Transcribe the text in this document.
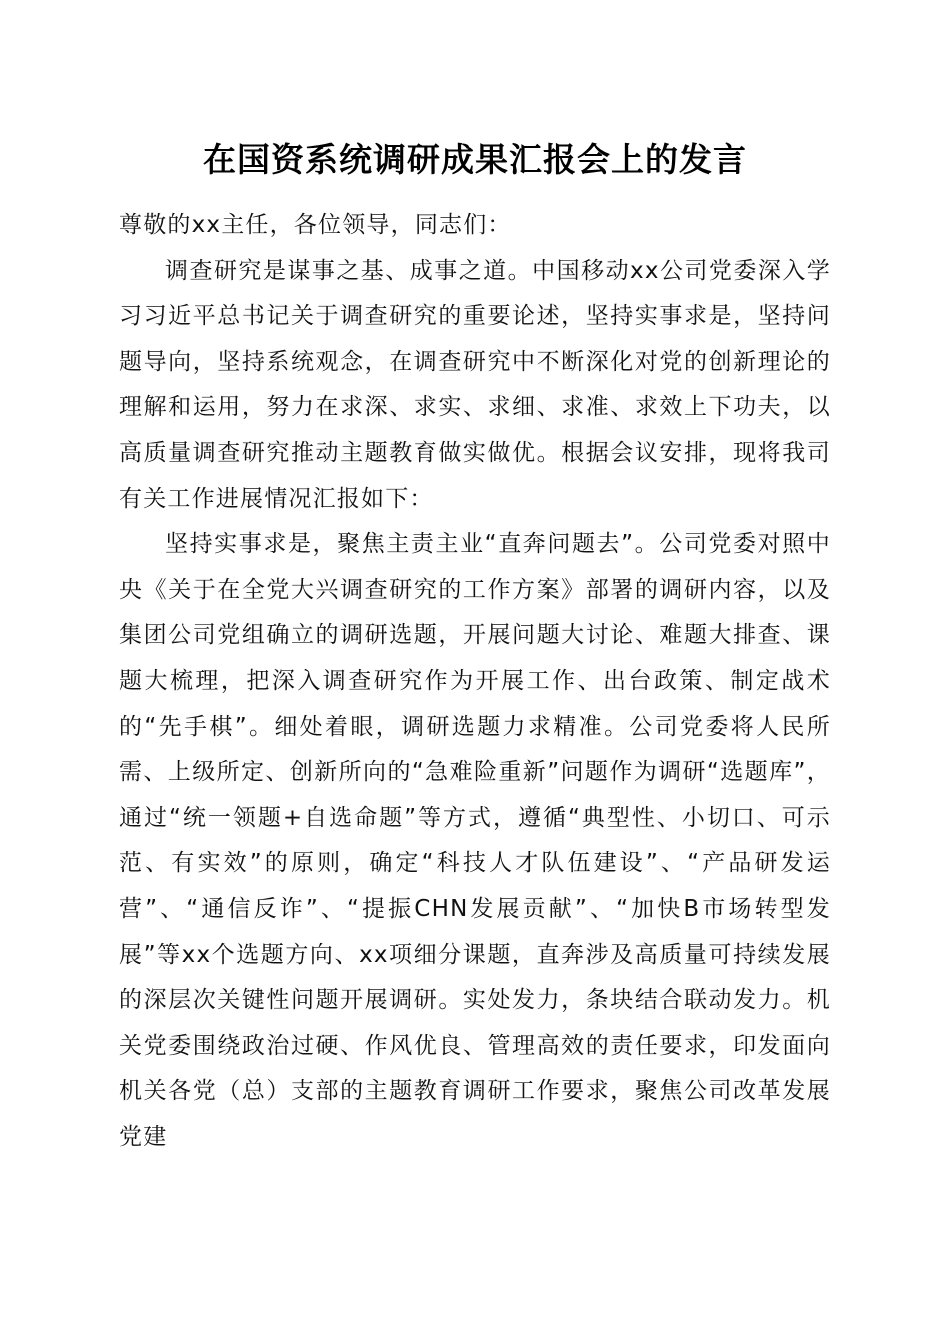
在国资系统调研成果汇报会上的发言

尊敬的xx主任，各位领导，同志们：

调查研究是谋事之基、成事之道。中国移动xx公司党委深入学习习近平总书记关于调查研究的重要论述，坚持实事求是，坚持问题导向，坚持系统观念，在调查研究中不断深化对党的创新理论的理解和运用，努力在求深、求实、求细、求准、求效上下功夫，以高质量调查研究推动主题教育做实做优。根据会议安排，现将我司有关工作进展情况汇报如下：

坚持实事求是，聚焦主责主业“直奔问题去”。公司党委对照中央《关于在全党大兴调查研究的工作方案》部署的调研内容，以及集团公司党组确立的调研选题，开展问题大讨论、难题大排查、课题大梳理，把深入调查研究作为开展工作、出台政策、制定战术的“先手棋”。细处着眼，调研选题力求精准。公司党委将人民所需、上级所定、创新所向的“急难险重新”问题作为调研“选题库”，通过“统一领题+自选命题”等方式，遵循“典型性、小切口、可示范、有实效”的原则，确定“科技人才队伍建设”、“产品研发运营”、“通信反诈”、“提振CHN发展贡献”、“加快B市场转型发展”等xx个选题方向、xx项细分课题，直奔涉及高质量可持续发展的深层次关键性问题开展调研。实处发力，条块结合联动发力。机关党委围绕政治过硬、作风优良、管理高效的责任要求，印发面向机关各党（总）支部的主题教育调研工作要求，聚焦公司改革发展党建
